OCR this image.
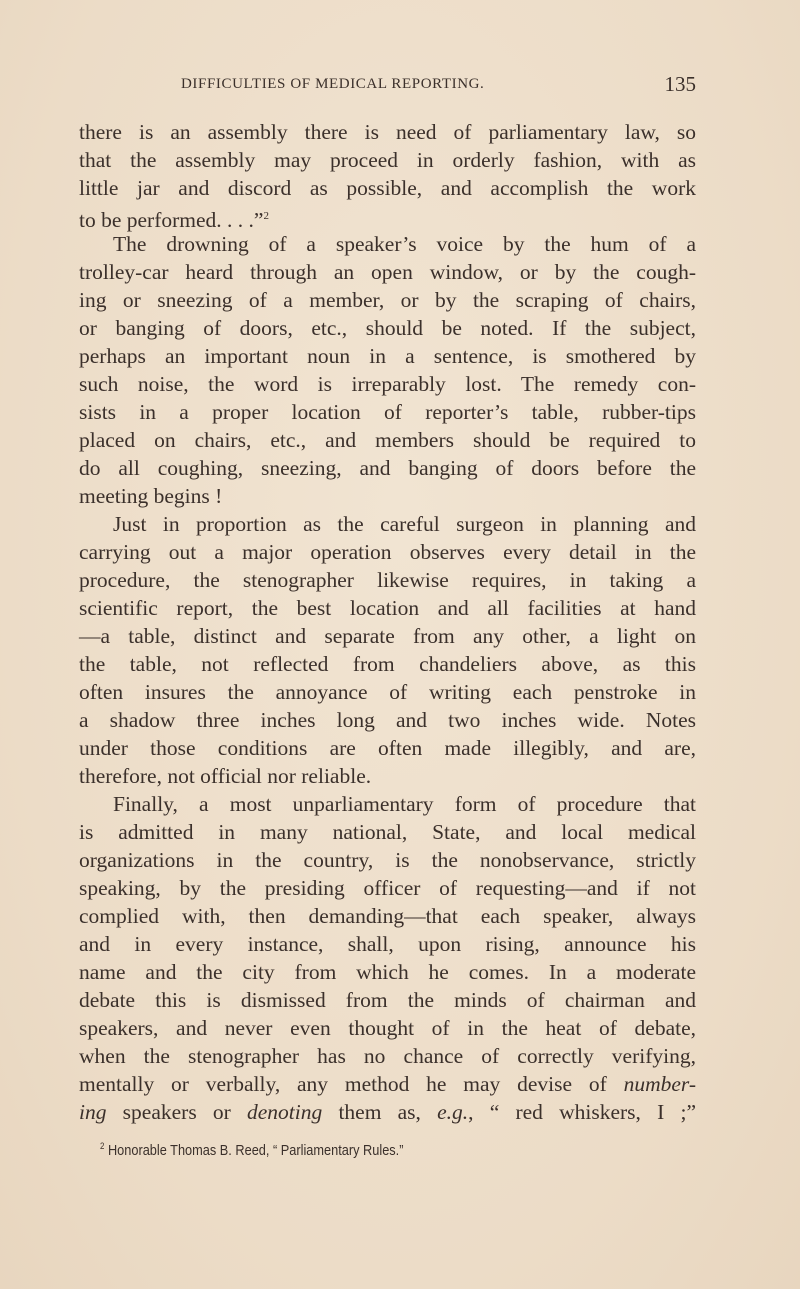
DIFFICULTIES OF MEDICAL REPORTING.	135
there is an assembly there is need of parliamentary law, so
that the assembly may proceed in orderly fashion, with as
little jar and discord as possible, and accomplish the work
to be performed. . . .”$^2$
The drowning of a speaker’s voice by the hum of a
trolley-car heard through an open window, or by the cough-
ing or sneezing of a member, or by the scraping of chairs,
or banging of doors, etc., should be noted. If the subject,
perhaps an important noun in a sentence, is smothered by
such noise, the word is irreparably lost. The remedy con-
sists in a proper location of reporter’s table, rubber-tips
placed on chairs, etc., and members should be required to
do all coughing, sneezing, and banging of doors before the
meeting begins !
Just in proportion as the careful surgeon in planning and
carrying out a major operation observes every detail in the
procedure, the stenographer likewise requires, in taking a
scientific report, the best location and all facilities at hand
—a table, distinct and separate from any other, a light on
the table, not reflected from chandeliers above, as this
often insures the annoyance of writing each penstroke in
a shadow three inches long and two inches wide. Notes
under those conditions are often made illegibly, and are,
therefore, not official nor reliable.
Finally, a most unparliamentary form of procedure that
is admitted in many national, State, and local medical
organizations in the country, is the nonobservance, strictly
speaking, by the presiding officer of requesting—and if not
complied with, then demanding—that each speaker, always
and in every instance, shall, upon rising, announce his
name and the city from which he comes. In a moderate
debate this is dismissed from the minds of chairman and
speakers, and never even thought of in the heat of debate,
when the stenographer has no chance of correctly verifying,
mentally or verbally, any method he may devise of number-
ing speakers or denoting them as, e.g., “ red whiskers, I ;”
$^2$ Honorable Thomas B. Reed, “ Parliamentary Rules.”
